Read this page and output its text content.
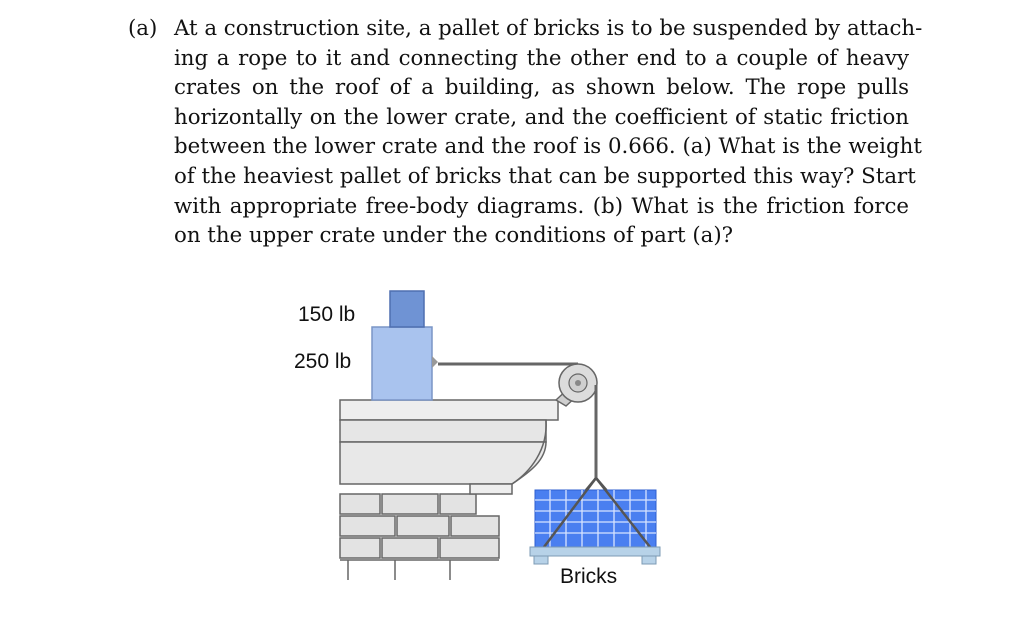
(a) At a construction site, a pallet of bricks is to be suspended by attach-
ing a rope to it and connecting the other end to a couple of heavy
crates on the roof of a building, as shown below. The rope pulls
horizontally on the lower crate, and the coefficient of static friction
between the lower crate and the roof is 0.666. (a) What is the weight
of the heaviest pallet of bricks that can be supported this way? Start
with appropriate free-body diagrams. (b) What is the friction force
on the upper crate under the conditions of part (a)?
150 lb
250 lb
Bricks
